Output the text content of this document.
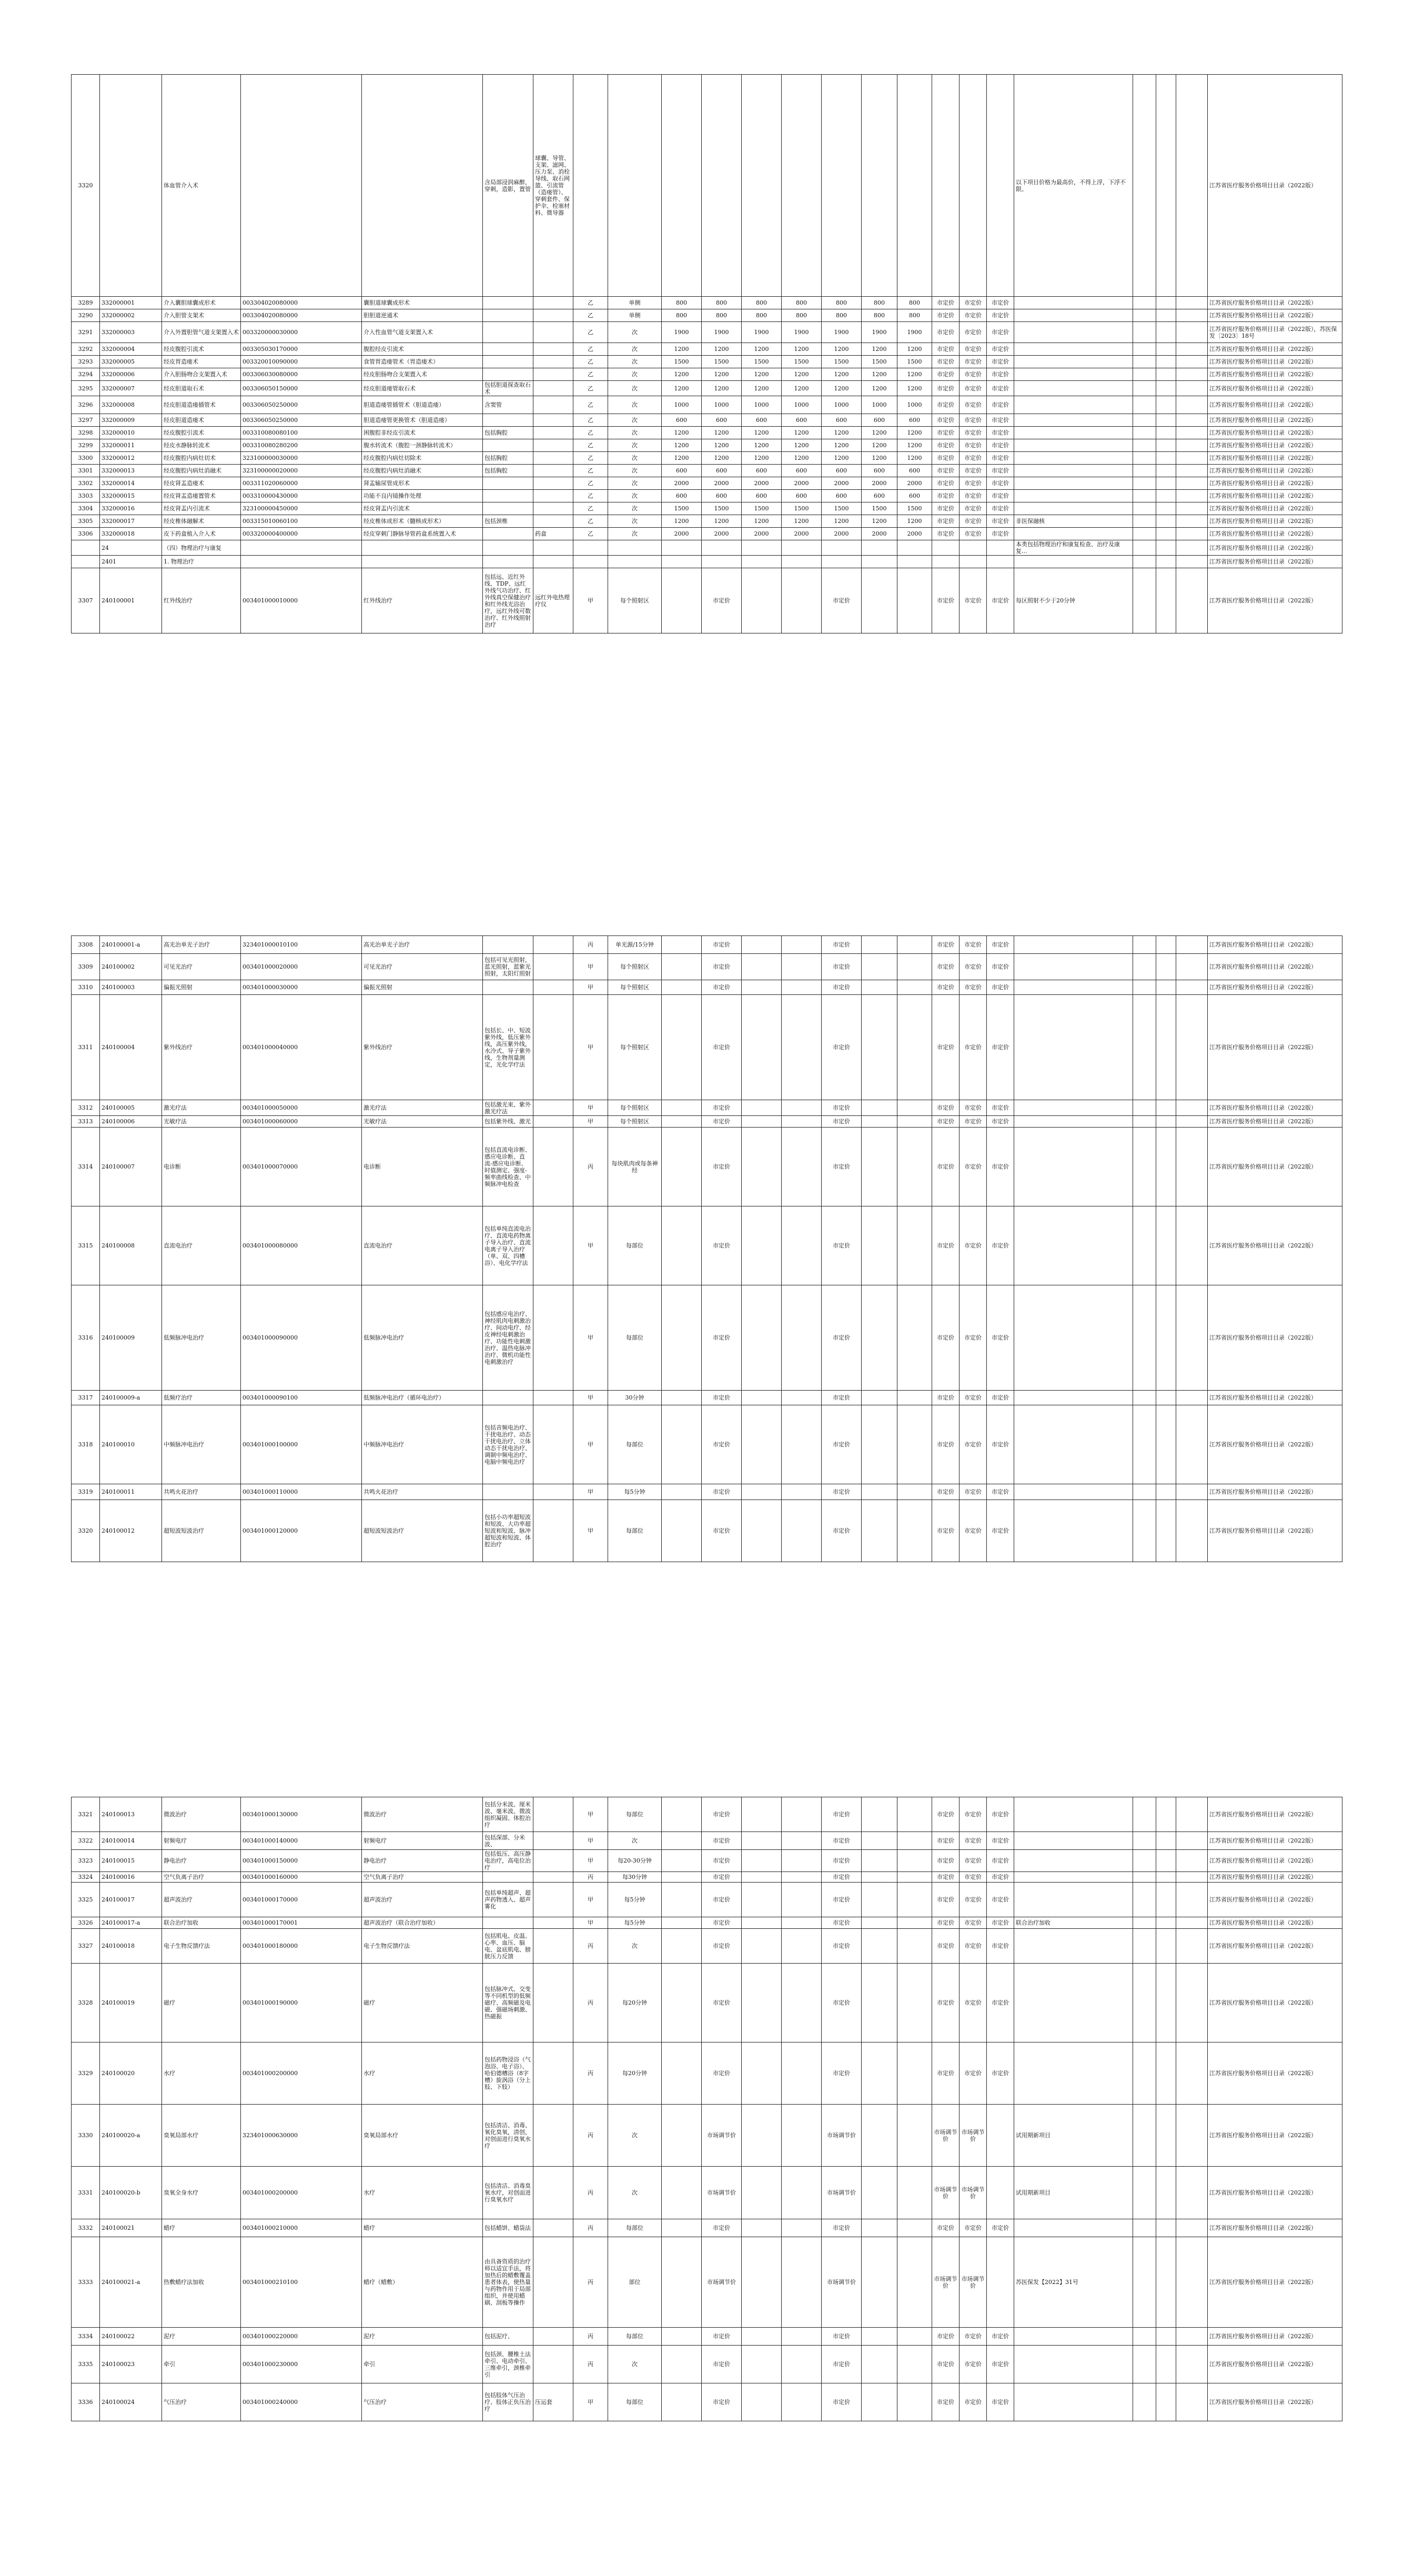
3320		体血管介入术			含局部浸润麻醉，穿刺，造影，置管	球囊、导管、支架、滤网、压力泵、消栓导线、取石网篮、引流管（造瘘管）、穿刺套件、保护伞、栓塞材料、微导器													以下项目价格为最高价，不得上浮，下浮不限。				江苏省医疗服务价格项目目录（2022版）
3289	332000001	介入囊胆球囊成形术	003304020080000	囊胆道球囊成形术			乙	单侧	800	800	800	800	800	800	800	市定价	市定价	市定价					江苏省医疗服务价格项目目录（2022版）
3290	332000002	介入胆管支架术	003304020080000	胆胆道逆通术			乙	单侧	800	800	800	800	800	800	800	市定价	市定价	市定价					江苏省医疗服务价格项目目录（2022版）
3291	332000003	介入外置胆管气道支架置入术	003320000030000	介入性血管气道支架置入术			乙	次	1900	1900	1900	1900	1900	1900	1900	市定价	市定价	市定价					江苏省医疗服务价格项目目录（2022版），苏医保发〔2023〕18号
3292	332000004	经皮腹腔引流术	003305030170000	腹腔经皮引流术			乙	次	1200	1200	1200	1200	1200	1200	1200	市定价	市定价	市定价					江苏省医疗服务价格项目目录（2022版）
3293	332000005	经皮胃造瘘术	003320010090000	食管胃造瘘管术（胃造瘘术）			乙	次	1500	1500	1500	1500	1500	1500	1500	市定价	市定价	市定价					江苏省医疗服务价格项目目录（2022版）
3294	332000006	介入胆肠吻合支架置入术	003306030080000	经皮胆肠吻合支架置入术			乙	次	1200	1200	1200	1200	1200	1200	1200	市定价	市定价	市定价					江苏省医疗服务价格项目目录（2022版）
3295	332000007	经皮胆道取石术	003306050150000	经皮胆道瘘管取石术	包括胆道探查取石术		乙	次	1200	1200	1200	1200	1200	1200	1200	市定价	市定价	市定价					江苏省医疗服务价格项目目录（2022版）
3296	332000008	经皮胆道造瘘插管术	003306050250000	胆道造瘘管插管术（胆道造瘘）	含窦管		乙	次	1000	1000	1000	1000	1000	1000	1000	市定价	市定价	市定价					江苏省医疗服务价格项目目录（2022版）
3297	332000009	经皮胆道造瘘术	003306050250000	胆道造瘘管更换管术（胆道造瘘）			乙	次	600	600	600	600	600	600	600	市定价	市定价	市定价					江苏省医疗服务价格项目目录（2022版）
3298	332000010	经皮腹腔引流术	003310080080100	困腹腔非经皮引流术	包括胸腔		乙	次	1200	1200	1200	1200	1200	1200	1200	市定价	市定价	市定价					江苏省医疗服务价格项目目录（2022版）
3299	332000011	经皮水静脉转流术	003310080280200	腹水转流术（腹腔一颈静脉转流术）			乙	次	1200	1200	1200	1200	1200	1200	1200	市定价	市定价	市定价					江苏省医疗服务价格项目目录（2022版）
3300	332000012	经皮腹腔内病灶切术	323100000030000	经皮腹腔内病灶切除术	包括胸腔		乙	次	1200	1200	1200	1200	1200	1200	1200	市定价	市定价	市定价					江苏省医疗服务价格项目目录（2022版）
3301	332000013	经皮腹腔内病灶消融术	323100000020000	经皮腹腔内病灶消融术	包括胸腔		乙	次	600	600	600	600	600	600	600	市定价	市定价	市定价					江苏省医疗服务价格项目目录（2022版）
3302	332000014	经皮肾盂造瘘术	003311020060000	肾盂输尿管成形术			乙	次	2000	2000	2000	2000	2000	2000	2000	市定价	市定价	市定价					江苏省医疗服务价格项目目录（2022版）
3303	332000015	经皮肾盂造瘘置管术	003310000430000	功能不良内镜操作处理			乙	次	600	600	600	600	600	600	600	市定价	市定价	市定价					江苏省医疗服务价格项目目录（2022版）
3304	332000016	经皮肾盂内引流术	323100000450000	经皮肾盂内引流术			乙	次	1500	1500	1500	1500	1500	1500	1500	市定价	市定价	市定价					江苏省医疗服务价格项目目录（2022版）
3305	332000017	经皮椎体融解术	003315010060100	经皮椎体成形术（髓核成形术）	包括颈椎		乙	次	1200	1200	1200	1200	1200	1200	1200	市定价	市定价	市定价	非医保融核				江苏省医疗服务价格项目目录（2022版）
3306	332000018	皮下药盒植入介入术	003320000400000	经皮穿刺门静脉导管药盒系统置入术		药盒	乙	次	2000	2000	2000	2000	2000	2000	2000	市定价	市定价	市定价					江苏省医疗服务价格项目目录（2022版）
	24	（四）物理治疗与康复																	本类包括物理治疗和康复检查、治疗及康复...				江苏省医疗服务价格项目目录（2022版）
	2401	1. 物理治疗																					江苏省医疗服务价格项目目录（2022版）
3307	240100001	红外线治疗	003401000010000	红外线治疗	包括远、近红外线、TDP、远红外线气功治疗、红外线真空保健治疗和红外线光浴治疗，远红外线可数治疗、红外线照射治疗	远红外电热理疗仪	甲	每个照射区		市定价			市定价			市定价	市定价	市定价	每区照射不少于20分钟				江苏省医疗服务价格项目目录（2022版）
3308	240100001-a	高光治单光子治疗	323401000010100	高光治单光子治疗			丙	单光源/15分钟		市定价			市定价			市定价	市定价	市定价					江苏省医疗服务价格项目目录（2022版）
3309	240100002	可见光治疗	003401000020000	可见光治疗	包括可见光照射，蓝光照射，蓝紫光照射，太阳灯照射		甲	每个照射区		市定价			市定价			市定价	市定价	市定价					江苏省医疗服务价格项目目录（2022版）
3310	240100003	偏振光照射	003401000030000	偏振光照射			甲	每个照射区		市定价			市定价			市定价	市定价	市定价					江苏省医疗服务价格项目目录（2022版）
3311	240100004	紫外线治疗	003401000040000	紫外线治疗	包括长、中、短波紫外线，低压紫外线，高压紫外线，水冷式、导子紫外线，生物剂量测定，光化学疗法		甲	每个照射区		市定价			市定价			市定价	市定价	市定价					江苏省医疗服务价格项目目录（2022版）
3312	240100005	激光疗法	003401000050000	激光疗法	包括激光束、紫外激光疗法		甲	每个照射区		市定价			市定价			市定价	市定价	市定价					江苏省医疗服务价格项目目录（2022版）
3313	240100006	光敏疗法	003401000060000	光敏疗法	包括紫外线、激光		甲	每个照射区		市定价			市定价			市定价	市定价	市定价					江苏省医疗服务价格项目目录（2022版）
3314	240100007	电诊断	003401000070000	电诊断	包括直流电诊断、感应电诊断、直流-感应电诊断、时值测定、强度-频率曲线检查、中频脉冲电检查		丙	每块肌肉或每条神经		市定价			市定价			市定价	市定价	市定价					江苏省医疗服务价格项目目录（2022版）
3315	240100008	直流电治疗	003401000080000	直流电治疗	包括单纯直流电治疗、直流电药物离子导入治疗、直流电离子导入治疗（单、双、四槽浴）、电化学疗法		甲	每部位		市定价			市定价			市定价	市定价	市定价					江苏省医疗服务价格项目目录（2022版）
3316	240100009	低频脉冲电治疗	003401000090000	低频脉冲电治疗	包括感应电治疗、神经肌肉电刺激治疗、间动电疗、经皮神经电刺激治疗、功能性电刺激治疗、温热电脉冲治疗、微机功能性电刺激治疗		甲	每部位		市定价			市定价			市定价	市定价	市定价					江苏省医疗服务价格项目目录（2022版）
3317	240100009-a	低频疗治疗	003401000090100	低频脉冲电治疗（循环电治疗）			甲	30分钟		市定价			市定价			市定价	市定价	市定价					江苏省医疗服务价格项目目录（2022版）
3318	240100010	中频脉冲电治疗	003401000100000	中频脉冲电治疗	包括音频电治疗、干扰电治疗、动态干扰电治疗、立体动态干扰电治疗、调制中频电治疗、电脑中频电治疗		甲	每部位		市定价			市定价			市定价	市定价	市定价					江苏省医疗服务价格项目目录（2022版）
3319	240100011	共鸣火花治疗	003401000110000	共鸣火花治疗			甲	每5分钟		市定价			市定价			市定价	市定价	市定价					江苏省医疗服务价格项目目录（2022版）
3320	240100012	超短波短波治疗	003401000120000	超短波短波治疗	包括小功率超短波和短波、大功率超短波和短波、脉冲超短波和短波、体腔治疗		甲	每部位		市定价			市定价			市定价	市定价	市定价					江苏省医疗服务价格项目目录（2022版）
3321	240100013	微波治疗	003401000130000	微波治疗	包括分米波、厘米波、毫米波、微波组织凝固、体腔治疗		甲	每部位		市定价			市定价			市定价	市定价	市定价					江苏省医疗服务价格项目目录（2022版）
3322	240100014	射频电疗	003401000140000	射频电疗	包括深部、分米波、		甲	次		市定价			市定价			市定价	市定价	市定价					江苏省医疗服务价格项目目录（2022版）
3323	240100015	静电治疗	003401000150000	静电治疗	包括低压、高压静电治疗，高电位治疗		甲	每20-30分钟		市定价			市定价			市定价	市定价	市定价					江苏省医疗服务价格项目目录（2022版）
3324	240100016	空气负离子治疗	003401000160000	空气负离子治疗			丙	每30分钟		市定价			市定价			市定价	市定价	市定价					江苏省医疗服务价格项目目录（2022版）
3325	240100017	超声波治疗	003401000170000	超声波治疗	包括单纯超声、超声药物透入、超声雾化		甲	每5分钟		市定价			市定价			市定价	市定价	市定价					江苏省医疗服务价格项目目录（2022版）
3326	240100017-a	联合治疗加收	003401000170001	超声波治疗（联合治疗加收）			甲	每5分钟		市定价			市定价			市定价	市定价	市定价	联合治疗加收				江苏省医疗服务价格项目目录（2022版）
3327	240100018	电子生物反馈疗法	003401000180000	电子生物反馈疗法	包括肌电、皮温、心率、血压、脑电、盆底肌电、膀胱压力反馈		丙	次		市定价			市定价			市定价	市定价	市定价					江苏省医疗服务价格项目目录（2022版）
3328	240100019	磁疗	003401000190000	磁疗	包括脉冲式、交变等不同机型的低频磁疗、高频磁及电磁、强磁场刺激、热磁振		丙	每20分钟		市定价			市定价			市定价	市定价	市定价					江苏省医疗服务价格项目目录（2022版）
3329	240100020	水疗	003401000200000	水疗	包括药物浸浴（气泡浴、电子浴）、哈伯德槽浴（8字槽）旋涡浴（分上肢、下肢）		丙	每20分钟		市定价			市定价			市定价	市定价	市定价					江苏省医疗服务价格项目目录（2022版）
3330	240100020-a	臭氧局部水疗	323401000630000	臭氧局部水疗	包括清洁、消毒、氧化臭氧，清创，对创面进行臭氧水疗		丙	次		市场调节价			市场调节价			市场调节价	市场调节价		试用期新项目				江苏省医疗服务价格项目目录（2022版）
3331	240100020-b	臭氧全身水疗	003401000200000	水疗	包括清洁、消毒臭氧水疗，对创面进行臭氧水疗		丙	次		市场调节价			市场调节价			市场调节价	市场调节价		试用期新项目				江苏省医疗服务价格项目目录（2022版）
3332	240100021	蜡疗	003401000210000	蜡疗	包括蜡饼、蜡袋法		丙	每部位		市定价			市定价			市定价	市定价	市定价					江苏省医疗服务价格项目目录（2022版）
3333	240100021-a	热敷蜡疗法加收	003401000210100	蜡疗（蜡敷）	由具备资质的治疗师以适宜手法，将加热后的蜡敷覆盖患者体表，使热量与药物作用于局部组织，并使用蜡刷、刮板等操作		丙	部位		市场调节价			市场调节价			市场调节价	市场调节价		苏医保发【2022】31号				江苏省医疗服务价格项目目录（2022版）
3334	240100022	泥疗	003401000220000	泥疗	包括泥疗、		丙	每部位		市定价			市定价			市定价	市定价	市定价					江苏省医疗服务价格项目目录（2022版）
3335	240100023	牵引	003401000230000	牵引	包括颈、腰椎土法牵引、电动牵引、三维牵引，颈椎牵引		丙	次		市定价			市定价			市定价	市定价	市定价					江苏省医疗服务价格项目目录（2022版）
3336	240100024	气压治疗	003401000240000	气压治疗	包括肢体气压治疗、肢体正负压治疗	压运套	甲	每部位		市定价			市定价			市定价	市定价	市定价					江苏省医疗服务价格项目目录（2022版）
